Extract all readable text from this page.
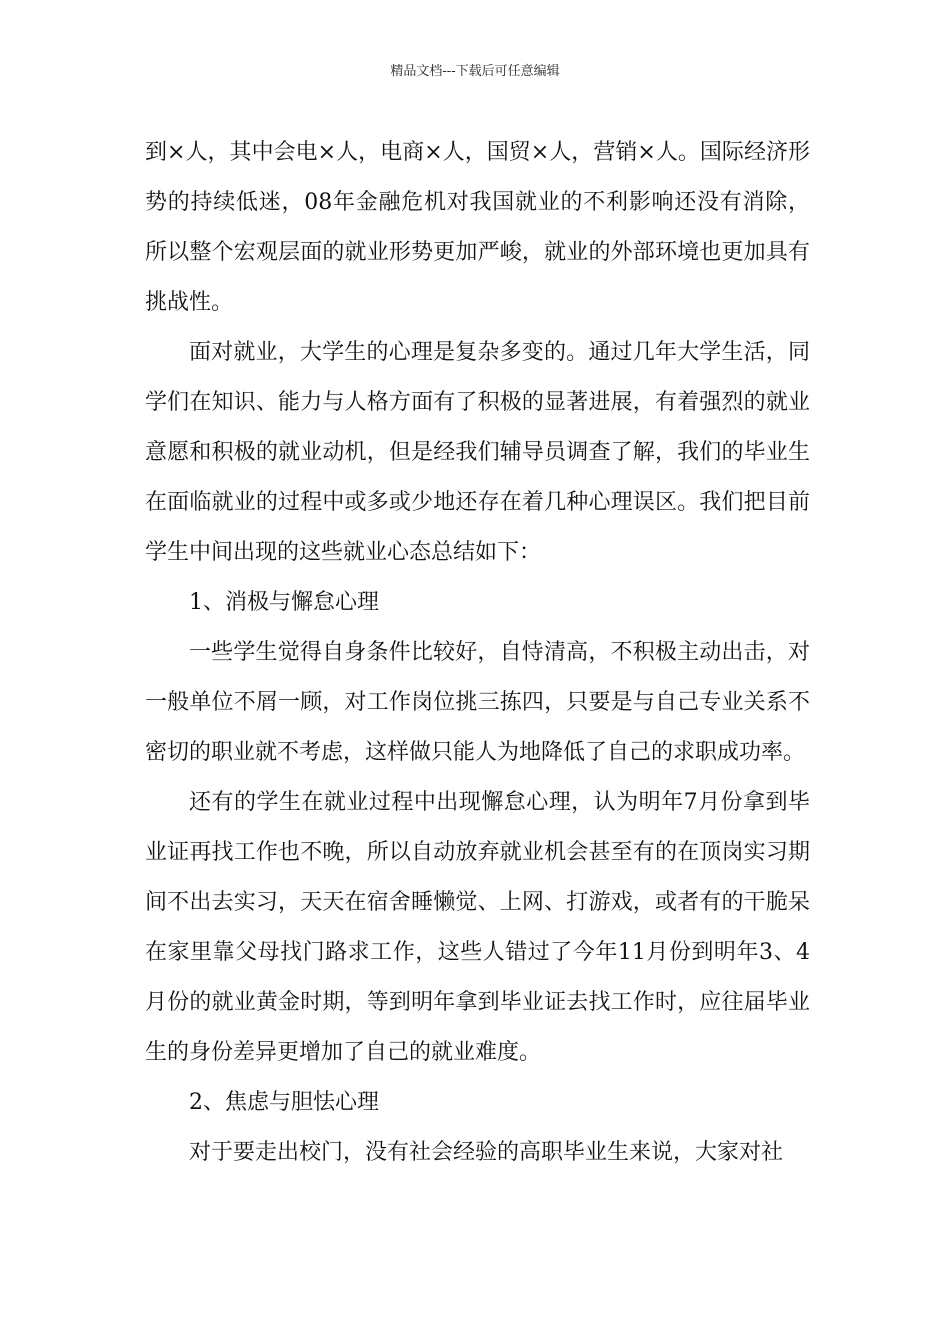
精品文档---下载后可任意编辑

到×人，其中会电×人，电商×人，国贸×人，营销×人。国际经济形势的持续低迷，08年金融危机对我国就业的不利影响还没有消除，所以整个宏观层面的就业形势更加严峻，就业的外部环境也更加具有挑战性。

面对就业，大学生的心理是复杂多变的。通过几年大学生活，同学们在知识、能力与人格方面有了积极的显著进展，有着强烈的就业意愿和积极的就业动机，但是经我们辅导员调查了解，我们的毕业生在面临就业的过程中或多或少地还存在着几种心理误区。我们把目前学生中间出现的这些就业心态总结如下：

1、消极与懈怠心理

一些学生觉得自身条件比较好，自恃清高，不积极主动出击，对一般单位不屑一顾，对工作岗位挑三拣四，只要是与自己专业关系不密切的职业就不考虑，这样做只能人为地降低了自己的求职成功率。

还有的学生在就业过程中出现懈怠心理，认为明年7月份拿到毕业证再找工作也不晚，所以自动放弃就业机会甚至有的在顶岗实习期间不出去实习，天天在宿舍睡懒觉、上网、打游戏，或者有的干脆呆在家里靠父母找门路求工作，这些人错过了今年11月份到明年3、4月份的就业黄金时期，等到明年拿到毕业证去找工作时，应往届毕业生的身份差异更增加了自己的就业难度。

2、焦虑与胆怯心理

对于要走出校门，没有社会经验的高职毕业生来说，大家对社
